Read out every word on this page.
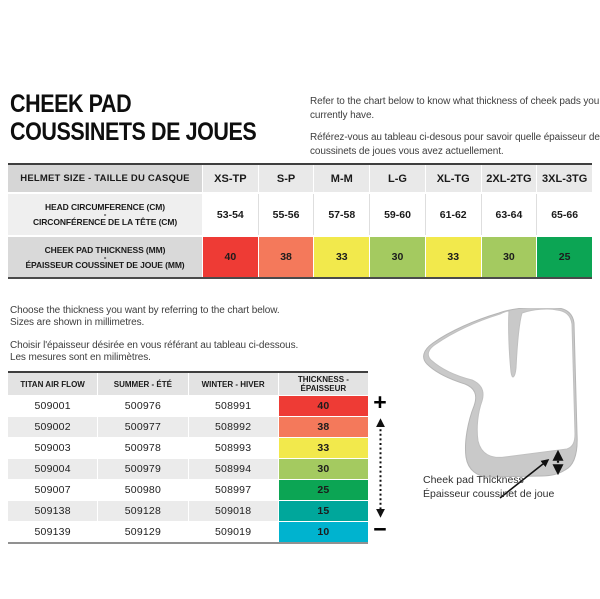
CHEEK PAD
COUSSINETS DE JOUES

Refer to the chart below to know what thickness of cheek pads you currently have.

Référez-vous au tableau ci-desous pour savoir quelle épaisseur de coussinets de joues vous avez actuellement.

HELMET SIZE - TAILLE DU CASQUE	XS-TP	S-P	M-M	L-G	XL-TG	2XL-2TG 3XL-3TG
HEAD CIRCUMFERENCE (CM)
-
CIRCONFÉRENCE DE LA TÊTE (CM)
53-54	55-56	57-58	59-60	61-62	63-64	65-66
CHEEK PAD THICKNESS (MM)
-
ÉPAISSEUR COUSSINET DE JOUE (MM)
40	38	33	30	33	30	25
Choose the thickness you want by referring to the chart below.
Sizes are shown in millimetres.
Choisir l'épaisseur désirée en vous référant au tableau ci-dessous.
Les mesures sont en milimètres.
TITAN AIR FLOW	SUMMER - ÉTÉ	WINTER - HIVER	THICKNESS - ÉPAISSEUR
509001	500976	508991	40
509002	500977	508992	38
509003	500978	508993	33
509004	500979	508994	30
509007	500980	508997	25
509138	509128	509018	15
509139	509129	509019	10
+
−
Cheek pad Thickness
Épaisseur coussinet de joue
